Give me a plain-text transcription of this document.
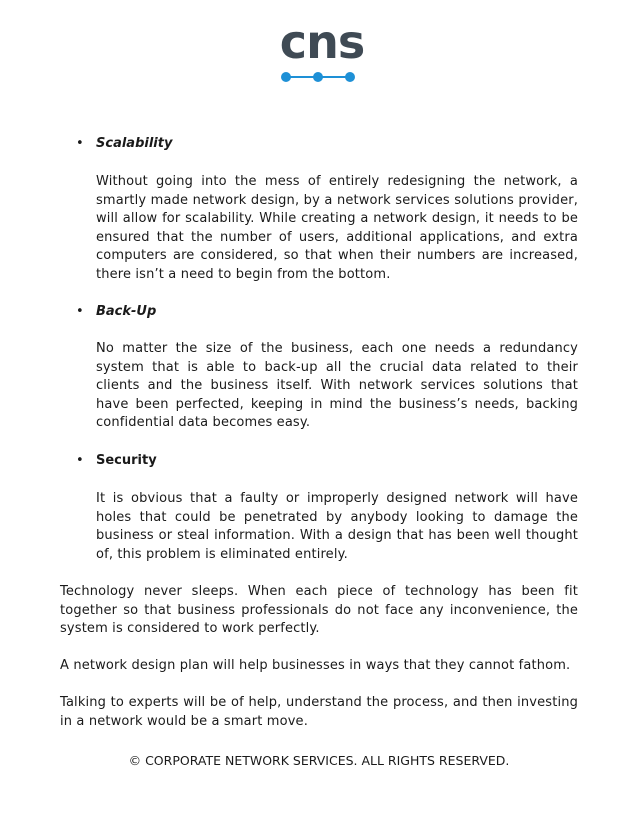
cns
• Scalability

Without going into the mess of entirely redesigning the network, a smartly made network design, by a network services solutions provider, will allow for scalability. While creating a network design, it needs to be ensured that the number of users, additional applications, and extra computers are considered, so that when their numbers are increased, there isn’t a need to begin from the bottom.

• Back-Up

No matter the size of the business, each one needs a redundancy system that is able to back-up all the crucial data related to their clients and the business itself. With network services solutions that have been perfected, keeping in mind the business’s needs, backing confidential data becomes easy.

• Security

It is obvious that a faulty or improperly designed network will have holes that could be penetrated by anybody looking to damage the business or steal information. With a design that has been well thought of, this problem is eliminated entirely.

Technology never sleeps. When each piece of technology has been fit together so that business professionals do not face any inconvenience, the system is considered to work perfectly.

A network design plan will help businesses in ways that they cannot fathom.

Talking to experts will be of help, understand the process, and then investing in a network would be a smart move.

© CORPORATE NETWORK SERVICES. ALL RIGHTS RESERVED.
